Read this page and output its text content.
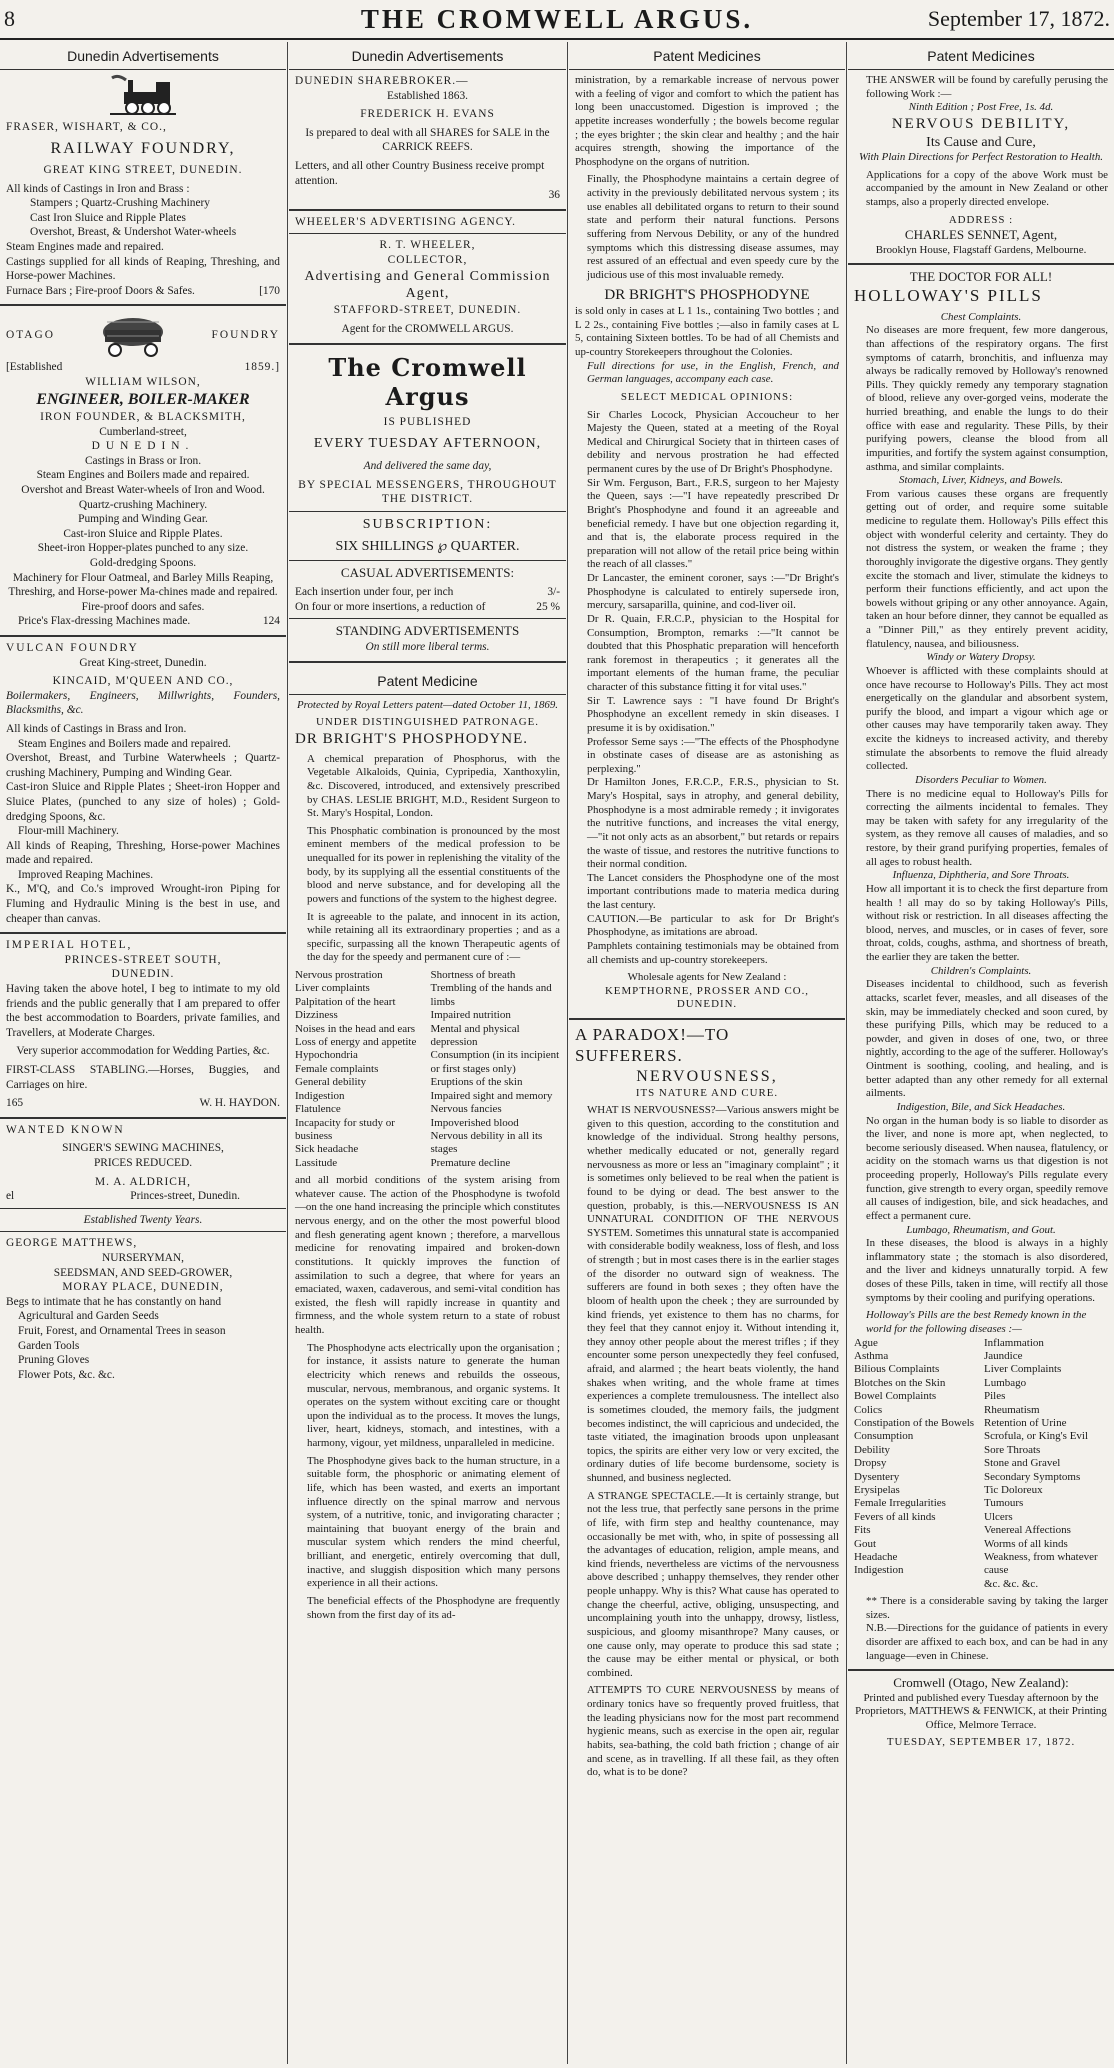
8	THE CROMWELL ARGUS.	September 17, 1872.
Dunedin Advertisements

FRASER, WISHART, & CO.,

RAILWAY FOUNDRY,

GREAT KING STREET, DUNEDIN.

All kinds of Castings in Iron and Brass :

Stampers ; Quartz-Crushing Machinery

Cast Iron Sluice and Ripple Plates

Overshot, Breast, & Undershot Water-wheels

Steam Engines made and repaired.

Castings supplied for all kinds of Reaping, Threshing, and Horse-power Machines.

Furnace Bars ; Fire-proof Doors & Safes.	[170

OTAGO	FOUNDRY

[Established	1859.]

WILLIAM WILSON,

ENGINEER, BOILER-MAKER

IRON FOUNDER, & BLACKSMITH,

Cumberland-street,

DUNEDIN.

Castings in Brass or Iron.

Steam Engines and Boilers made and repaired.

Overshot and Breast Water-wheels of Iron and Wood.

Quartz-crushing Machinery.

Pumping and Winding Gear.

Cast-iron Sluice and Ripple Plates.

Sheet-iron Hopper-plates punched to any size.

Gold-dredging Spoons.

Machinery for Flour Oatmeal, and Barley Mills Reaping, Threshirg, and Horse-power Ma-chines made and repaired.

Fire-proof doors and safes.

Price's Flax-dressing Machines made.	124

VULCAN FOUNDRY

Great King-street, Dunedin.

KINCAID, M'QUEEN AND CO.,

Boilermakers, Engineers, Millwrights, Founders, Blacksmiths, &c.

All kinds of Castings in Brass and Iron.

Steam Engines and Boilers made and repaired.

Overshot, Breast, and Turbine Waterwheels ; Quartz-crushing Machinery, Pumping and Winding Gear.

Cast-iron Sluice and Ripple Plates ; Sheet-iron Hopper and Sluice Plates, (punched to any size of holes) ; Gold-dredging Spoons, &c.

Flour-mill Machinery.

All kinds of Reaping, Threshing, Horse-power Machines made and repaired.

Improved Reaping Machines.

K., M'Q, and Co.'s improved Wrought-iron Piping for Fluming and Hydraulic Mining is the best in use, and cheaper than canvas.

IMPERIAL HOTEL,

PRINCES-STREET SOUTH,

DUNEDIN.

Having taken the above hotel, I beg to intimate to my old friends and the public generally that I am prepared to offer the best accommodation to Boarders, private families, and Travellers, at Moderate Charges.

Very superior accommodation for Wedding Parties, &c.

FIRST-CLASS STABLING.—Horses, Buggies, and Carriages on hire.

165	W. H. HAYDON.

WANTED KNOWN

SINGER'S SEWING MACHINES,

PRICES REDUCED.

M. A. ALDRICH,

el	Princes-street, Dunedin.

Established Twenty Years.

GEORGE MATTHEWS,

NURSERYMAN,

SEEDSMAN, AND SEED-GROWER,

MORAY PLACE, DUNEDIN,

Begs to intimate that he has constantly on hand

Agricultural and Garden Seeds

Fruit, Forest, and Ornamental Trees in season

Garden Tools

Pruning Gloves

Flower Pots, &c. &c.

Dunedin Advertisements

DUNEDIN SHAREBROKER.—

Established 1863.

FREDERICK H. EVANS

Is prepared to deal with all SHARES for SALE in the CARRICK REEFS.

Letters, and all other Country Business receive prompt attention.

36

WHEELER'S ADVERTISING AGENCY.

R. T. WHEELER,

COLLECTOR,

Advertising and General Commission Agent,

STAFFORD-STREET, DUNEDIN.

Agent for the CROMWELL ARGUS.

The Cromwell Argus

IS PUBLISHED

EVERY TUESDAY AFTERNOON,

And delivered the same day,

BY SPECIAL MESSENGERS, THROUGHOUT THE DISTRICT.

SUBSCRIPTION:

SIX SHILLINGS ℘ QUARTER.

CASUAL ADVERTISEMENTS:

Each insertion under four, per inch	3/-

On four or more insertions, a reduction of	25 %

STANDING ADVERTISEMENTS

On still more liberal terms.

Patent Medicine

Protected by Royal Letters patent—dated October 11, 1869.

UNDER DISTINGUISHED PATRONAGE.

DR BRIGHT'S PHOSPHODYNE.

A chemical preparation of Phosphorus, with the Vegetable Alkaloids, Quinia, Cypripedia, Xanthoxylin, &c. Discovered, introduced, and extensively prescribed by CHAS. LESLIE BRIGHT, M.D., Resident Surgeon to St. Mary's Hospital, London.

This Phosphatic combination is pronounced by the most eminent members of the medical profession to be unequalled for its power in replenishing the vitality of the body, by its supplying all the essential constituents of the blood and nerve substance, and for developing all the powers and functions of the system to the highest degree.

It is agreeable to the palate, and innocent in its action, while retaining all its extraordinary properties ; and as a specific, surpassing all the known Therapeutic agents of the day for the speedy and permanent cure of :—

Nervous prostration
Liver complaints
Palpitation of the heart
Dizziness
Noises in the head and ears
Loss of energy and appetite
Hypochondria
Female complaints
General debility
Indigestion
Flatulence
Incapacity for study or business
Sick headache
Lassitude
Shortness of breath
Trembling of the hands and limbs
Impaired nutrition
Mental and physical depression
Consumption (in its incipient or first stages only)
Eruptions of the skin
Impaired sight and memory
Nervous fancies
Impoverished blood
Nervous debility in all its stages
Premature decline

and all morbid conditions of the system arising from whatever cause. The action of the Phosphodyne is twofold—on the one hand increasing the principle which constitutes nervous energy, and on the other the most powerful blood and flesh generating agent known ; therefore, a marvellous medicine for renovating impaired and broken-down constitutions. It quickly improves the function of assimilation to such a degree, that where for years an emaciated, waxen, cadaverous, and semi-vital condition has existed, the flesh will rapidly increase in quantity and firmness, and the whole system return to a state of robust health.

The Phosphodyne acts electrically upon the organisation ; for instance, it assists nature to generate the human electricity which renews and rebuilds the osseous, muscular, nervous, membranous, and organic systems. It operates on the system without exciting care or thought upon the individual as to the process. It moves the lungs, liver, heart, kidneys, stomach, and intestines, with a harmony, vigour, yet mildness, unparalleled in medicine.

The Phosphodyne gives back to the human structure, in a suitable form, the phosphoric or animating element of life, which has been wasted, and exerts an important influence directly on the spinal marrow and nervous system, of a nutritive, tonic, and invigorating character ; maintaining that buoyant energy of the brain and muscular system which renders the mind cheerful, brilliant, and energetic, entirely overcoming that dull, inactive, and sluggish disposition which many persons experience in all their actions.

The beneficial effects of the Phosphodyne are frequently shown from the first day of its ad-

Patent Medicines

ministration, by a remarkable increase of nervous power with a feeling of vigor and comfort to which the patient has long been unaccustomed. Digestion is improved ; the appetite increases wonderfully ; the bowels become regular ; the eyes brighter ; the skin clear and healthy ; and the hair acquires strength, showing the importance of the Phosphodyne on the organs of nutrition.

Finally, the Phosphodyne maintains a certain degree of activity in the previously debilitated nervous system ; its use enables all debilitated organs to return to their sound state and perform their natural functions. Persons suffering from Nervous Debility, or any of the hundred symptoms which this distressing disease assumes, may rest assured of an effectual and even speedy cure by the judicious use of this most invaluable remedy.

DR BRIGHT'S PHOSPHODYNE

is sold only in cases at L 1 1s., containing Two bottles ; and L 2 2s., containing Five bottles ;—also in family cases at L 5, containing Sixteen bottles. To be had of all Chemists and up-country Storekeepers throughout the Colonies.

Full directions for use, in the English, French, and German languages, accompany each case.

SELECT MEDICAL OPINIONS:

Sir Charles Locock, Physician Accoucheur to her Majesty the Queen, stated at a meeting of the Royal Medical and Chirurgical Society that in thirteen cases of debility and nervous prostration he had effected permanent cures by the use of Dr Bright's Phosphodyne.

Sir Wm. Ferguson, Bart., F.R.S, surgeon to her Majesty the Queen, says :—"I have repeatedly prescribed Dr Bright's Phosphodyne and found it an agreeable and beneficial remedy. I have but one objection regarding it, and that is, the elaborate process required in the preparation will not allow of the retail price being within the reach of all classes."

Dr Lancaster, the eminent coroner, says :—"Dr Bright's Phosphodyne is calculated to entirely supersede iron, mercury, sarsaparilla, quinine, and cod-liver oil.

Dr R. Quain, F.R.C.P., physician to the Hospital for Consumption, Brompton, remarks :—"It cannot be doubted that this Phosphatic preparation will henceforth rank foremost in therapeutics ; it generates all the important elements of the human frame, the peculiar character of this substance fitting it for vital uses."

Sir T. Lawrence says : "I have found Dr Bright's Phosphodyne an excellent remedy in skin diseases. I presume it is by oxidisation."

Professor Seme says :—"The effects of the Phosphodyne in obstinate cases of disease are as astonishing as perplexing."

Dr Hamilton Jones, F.R.C.P., F.R.S., physician to St. Mary's Hospital, says in atrophy, and general debility, Phosphodyne is a most admirable remedy ; it invigorates the nutritive functions, and increases the vital energy,—"it not only acts as an absorbent," but retards or repairs the waste of tissue, and restores the nutritive functions to their normal condition.

The Lancet considers the Phosphodyne one of the most important contributions made to materia medica during the last century.

CAUTION.—Be particular to ask for Dr Bright's Phosphodyne, as imitations are abroad.

Pamphlets containing testimonials may be obtained from all chemists and up-country storekeepers.

Wholesale agents for New Zealand :

KEMPTHORNE, PROSSER AND CO.,

DUNEDIN.

A PARADOX!—TO SUFFERERS.

NERVOUSNESS,

ITS NATURE AND CURE.

WHAT IS NERVOUSNESS?—Various answers might be given to this question, according to the constitution and knowledge of the individual. Strong healthy persons, whether medically educated or not, generally regard nervousness as more or less an "imaginary complaint" ; it is sometimes only believed to be real when the patient is found to be dying or dead. The best answer to the question, probably, is this.—NERVOUSNESS IS AN UNNATURAL CONDITION OF THE NERVOUS SYSTEM. Sometimes this unnatural state is accompanied with considerable bodily weakness, loss of flesh, and loss of strength ; but in most cases there is in the earlier stages of the disorder no outward sign of weakness. The sufferers are found in both sexes ; they often have the bloom of health upon the cheek ; they are surrounded by kind friends, yet existence to them has no charms, for they feel that they cannot enjoy it. Without intending it, they annoy other people about the merest trifles ; if they encounter some person unexpectedly they feel confused, afraid, and alarmed ; the heart beats violently, the hand shakes when writing, and the whole frame at times experiences a complete tremulousness. The intellect also is sometimes clouded, the memory fails, the judgment becomes indistinct, the will capricious and undecided, the taste vitiated, the imagination broods upon unpleasant topics, the spirits are either very low or very excited, the ordinary duties of life become burdensome, society is shunned, and business neglected.

A STRANGE SPECTACLE.—It is certainly strange, but not the less true, that perfectly sane persons in the prime of life, with firm step and healthy countenance, may occasionally be met with, who, in spite of possessing all the advantages of education, religion, ample means, and kind friends, nevertheless are victims of the nervousness above described ; unhappy themselves, they render other people unhappy. Why is this? What cause has operated to change the cheerful, active, obliging, unsuspecting, and uncomplaining youth into the unhappy, drowsy, listless, suspicious, and gloomy misanthrope? Many causes, or one cause only, may operate to produce this sad state ; the cause may be either mental or physical, or both combined.

ATTEMPTS TO CURE NERVOUSNESS by means of ordinary tonics have so frequently proved fruitless, that the leading physicians now for the most part recommend hygienic means, such as exercise in the open air, regular habits, sea-bathing, the cold bath friction ; change of air and scene, as in travelling. If all these fail, as they often do, what is to be done?

Patent Medicines

THE ANSWER will be found by carefully perusing the following Work :—

Ninth Edition ; Post Free, 1s. 4d.

NERVOUS DEBILITY,

Its Cause and Cure,

With Plain Directions for Perfect Restoration to Health.

Applications for a copy of the above Work must be accompanied by the amount in New Zealand or other stamps, also a properly directed envelope.

ADDRESS :

CHARLES SENNET, Agent,

Brooklyn House, Flagstaff Gardens, Melbourne.

THE DOCTOR FOR ALL!

HOLLOWAY'S PILLS

Chest Complaints.

No diseases are more frequent, few more dangerous, than affections of the respiratory organs. The first symptoms of catarrh, bronchitis, and influenza may always be radically removed by Holloway's renowned Pills. They quickly remedy any temporary stagnation of blood, relieve any over-gorged veins, moderate the hurried breathing, and enable the lungs to do their office with ease and regularity. These Pills, by their purifying powers, cleanse the blood from all impurities, and fortify the system against consumption, asthma, and similar complaints.

Stomach, Liver, Kidneys, and Bowels.

From various causes these organs are frequently getting out of order, and require some suitable medicine to regulate them. Holloway's Pills effect this object with wonderful celerity and certainty. They do not distress the system, or weaken the frame ; they thoroughly invigorate the digestive organs. They gently excite the stomach and liver, stimulate the kidneys to perform their functions efficiently, and act upon the bowels without griping or any other annoyance. Again, taken an hour before dinner, they cannot be equalled as a "Dinner Pill," as they entirely prevent acidity, flatulency, nausea, and biliousness.

Windy or Watery Dropsy.

Whoever is afflicted with these complaints should at once have recourse to Holloway's Pills. They act most energetically on the glandular and absorbent system, purify the blood, and impart a vigour which age or other causes may have temporarily taken away. They excite the kidneys to increased activity, and thereby stimulate the absorbents to remove the fluid already collected.

Disorders Peculiar to Women.

There is no medicine equal to Holloway's Pills for correcting the ailments incidental to females. They may be taken with safety for any irregularity of the system, as they remove all causes of maladies, and so restore, by their grand purifying properties, females of all ages to robust health.

Influenza, Diphtheria, and Sore Throats.

How all important it is to check the first departure from health ! all may do so by taking Holloway's Pills, without risk or restriction. In all diseases affecting the blood, nerves, and muscles, or in cases of fever, sore throat, colds, coughs, asthma, and shortness of breath, the earlier they are taken the better.

Children's Complaints.

Diseases incidental to childhood, such as feverish attacks, scarlet fever, measles, and all diseases of the skin, may be immediately checked and soon cured, by these purifying Pills, which may be reduced to a powder, and given in doses of one, two, or three nightly, according to the age of the sufferer. Holloway's Ointment is soothing, cooling, and healing, and is better adapted than any other remedy for all external ailments.

Indigestion, Bile, and Sick Headaches.

No organ in the human body is so liable to disorder as the liver, and none is more apt, when neglected, to become seriously diseased. When nausea, flatulency, or acidity on the stomach warns us that digestion is not proceeding properly, Holloway's Pills regulate every function, give strength to every organ, speedily remove all causes of indigestion, bile, and sick headaches, and effect a permanent cure.

Lumbago, Rheumatism, and Gout.

In these diseases, the blood is always in a highly inflammatory state ; the stomach is also disordered, and the liver and kidneys unnaturally torpid. A few doses of these Pills, taken in time, will rectify all those symptoms by their cooling and purifying operations.

Holloway's Pills are the best Remedy known in the world for the following diseases :—

Ague
Asthma
Bilious Complaints
Blotches on the Skin
Bowel Complaints
Colics
Constipation of the Bowels
Consumption
Debility
Dropsy
Dysentery
Erysipelas
Female Irregularities
Fevers of all kinds
Fits
Gout
Headache
Indigestion
Inflammation
Jaundice
Liver Complaints
Lumbago
Piles
Rheumatism
Retention of Urine
Scrofula, or King's Evil
Sore Throats
Stone and Gravel
Secondary Symptoms
Tic Doloreux
Tumours
Ulcers
Venereal Affections
Worms of all kinds
Weakness, from whatever cause
&c. &c. &c.

** There is a considerable saving by taking the larger sizes.

N.B.—Directions for the guidance of patients in every disorder are affixed to each box, and can be had in any language—even in Chinese.

Cromwell (Otago, New Zealand):

Printed and published every Tuesday afternoon by the Proprietors, MATTHEWS & FENWICK, at their Printing Office, Melmore Terrace.

TUESDAY, SEPTEMBER 17, 1872.
